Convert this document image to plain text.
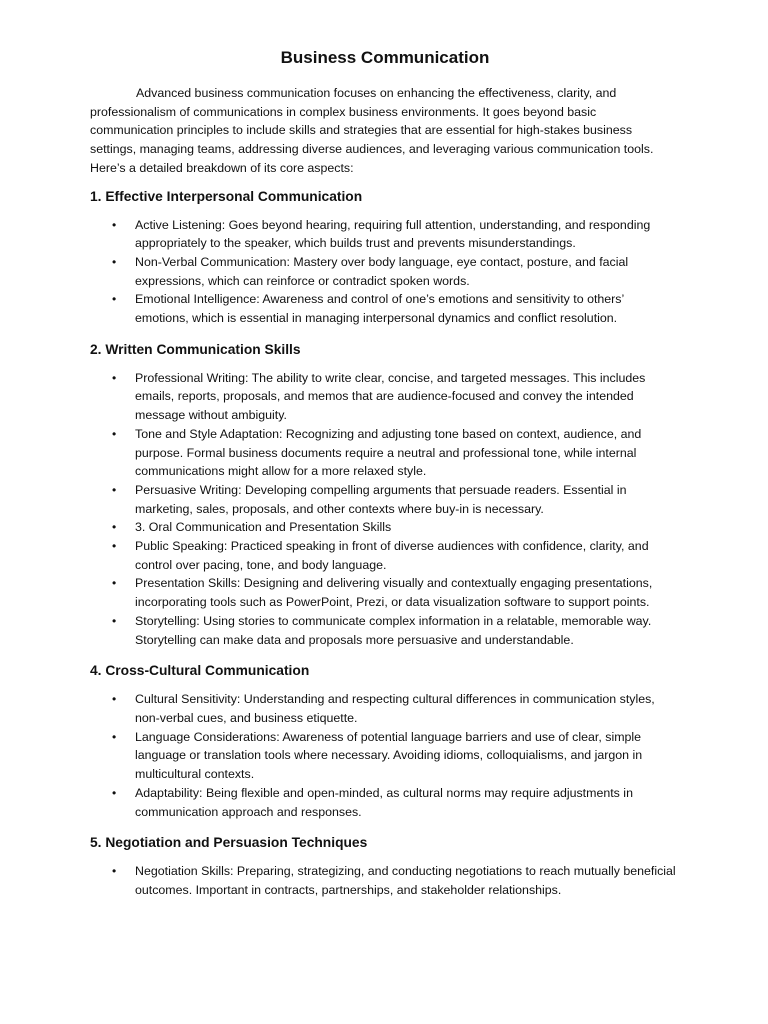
Business Communication

Advanced business communication focuses on enhancing the effectiveness, clarity, and professionalism of communications in complex business environments. It goes beyond basic communication principles to include skills and strategies that are essential for high-stakes business settings, managing teams, addressing diverse audiences, and leveraging various communication tools. Here’s a detailed breakdown of its core aspects:

1. Effective Interpersonal Communication
• Active Listening: Goes beyond hearing, requiring full attention, understanding, and responding appropriately to the speaker, which builds trust and prevents misunderstandings.
• Non-Verbal Communication: Mastery over body language, eye contact, posture, and facial expressions, which can reinforce or contradict spoken words.
• Emotional Intelligence: Awareness and control of one’s emotions and sensitivity to others’ emotions, which is essential in managing interpersonal dynamics and conflict resolution.
2. Written Communication Skills
• Professional Writing: The ability to write clear, concise, and targeted messages. This includes emails, reports, proposals, and memos that are audience-focused and convey the intended message without ambiguity.
• Tone and Style Adaptation: Recognizing and adjusting tone based on context, audience, and purpose. Formal business documents require a neutral and professional tone, while internal communications might allow for a more relaxed style.
• Persuasive Writing: Developing compelling arguments that persuade readers. Essential in marketing, sales, proposals, and other contexts where buy-in is necessary.
• 3. Oral Communication and Presentation Skills
• Public Speaking: Practiced speaking in front of diverse audiences with confidence, clarity, and control over pacing, tone, and body language.
• Presentation Skills: Designing and delivering visually and contextually engaging presentations, incorporating tools such as PowerPoint, Prezi, or data visualization software to support points.
• Storytelling: Using stories to communicate complex information in a relatable, memorable way. Storytelling can make data and proposals more persuasive and understandable.
4. Cross-Cultural Communication
• Cultural Sensitivity: Understanding and respecting cultural differences in communication styles, non-verbal cues, and business etiquette.
• Language Considerations: Awareness of potential language barriers and use of clear, simple language or translation tools where necessary. Avoiding idioms, colloquialisms, and jargon in multicultural contexts.
• Adaptability: Being flexible and open-minded, as cultural norms may require adjustments in communication approach and responses.
5. Negotiation and Persuasion Techniques
• Negotiation Skills: Preparing, strategizing, and conducting negotiations to reach mutually beneficial outcomes. Important in contracts, partnerships, and stakeholder relationships.
